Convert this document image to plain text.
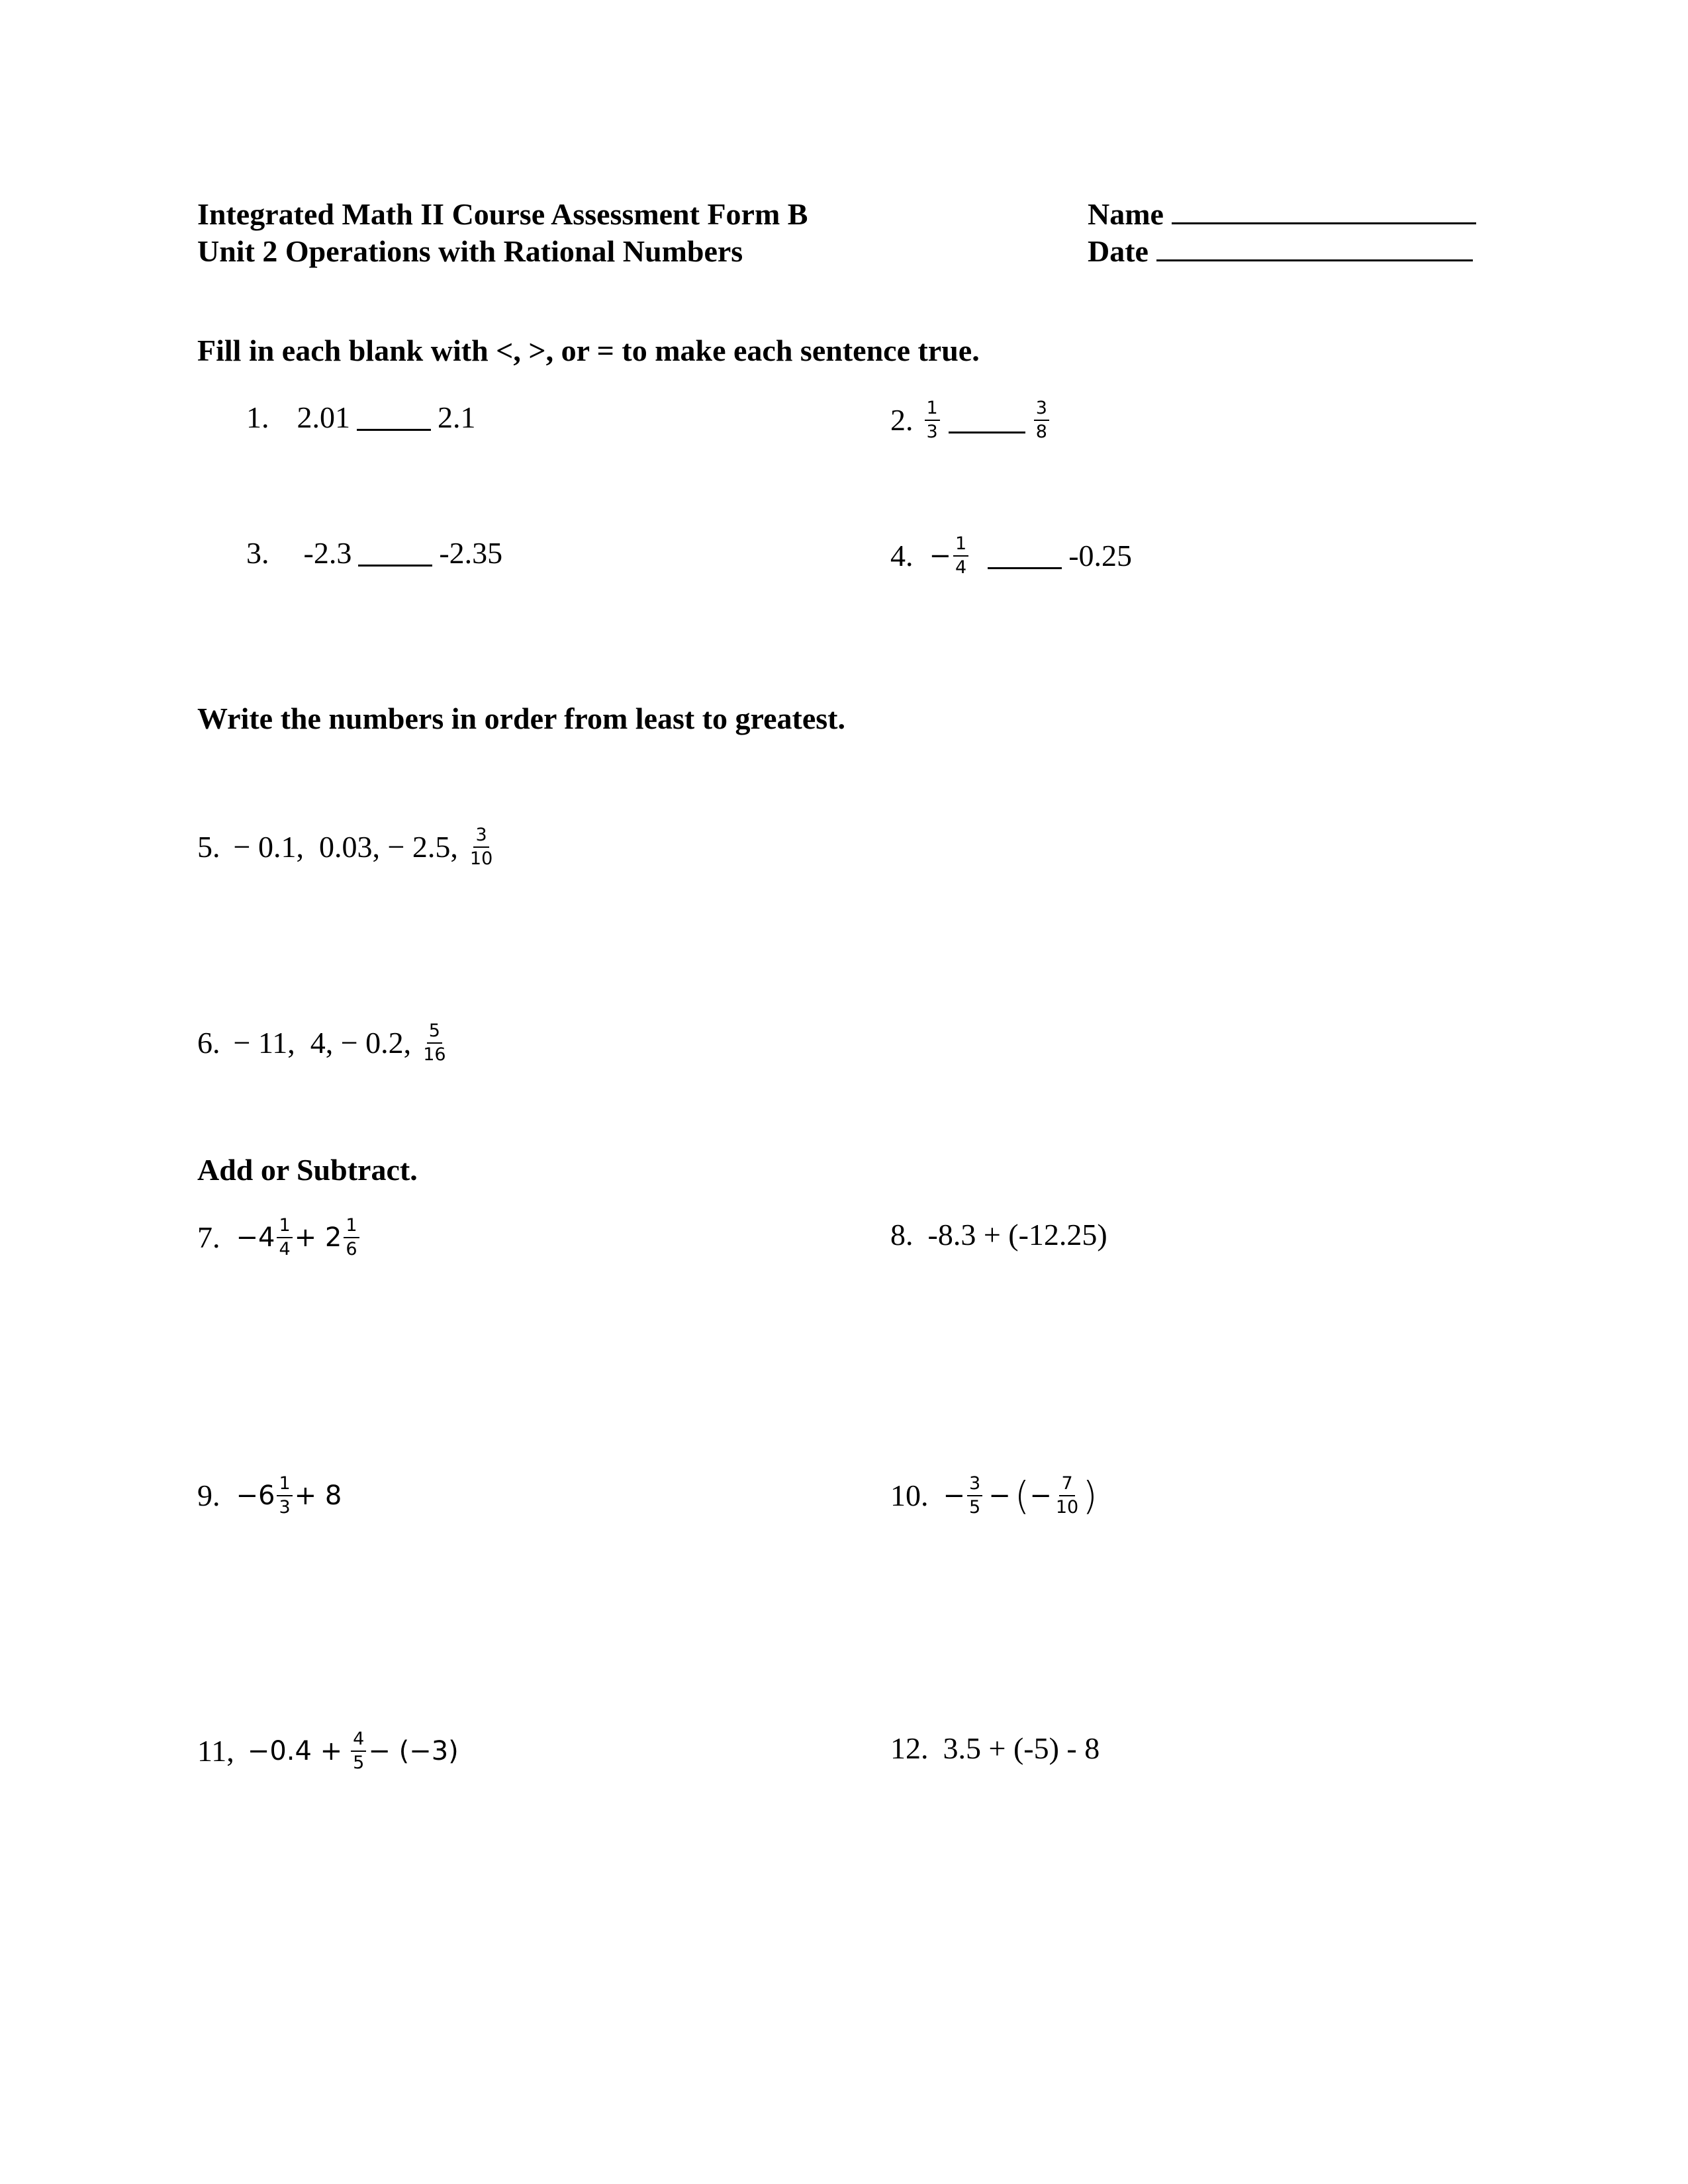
Integrated Math II Course Assessment Form B
Unit 2 Operations with Rational Numbers
Name
Date
Fill in each blank with <, >, or = to make each sentence true.
1. 2.01	2.1	2. $\frac{1}{3}$	$\frac{3}{8}$
3. -2.3	-2.35	4. − $\frac{1}{4}$	-0.25
Write the numbers in order from least to greatest.
5. − 0.1,  0.03, − 2.5, $\frac{3}{10}$
6. − 11,  4, − 0.2, $\frac{5}{16}$
Add or Subtract.
7. $-4 \frac{1}{4} + 2 \frac{1}{6}$	8. -8.3 + (-12.25)
9. $-6 \frac{1}{3} + 8$	10. − $\frac{3}{5}$ − ( − $\frac{7}{10}$ )
11, $-0.4 + \frac{4}{5} - (-3)$	12. 3.5 + (-5) - 8
